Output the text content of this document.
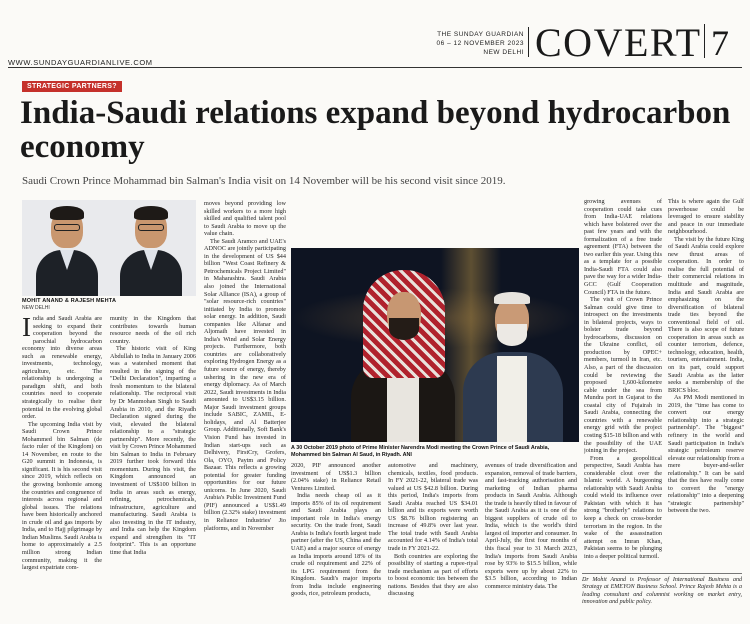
WWW.SUNDAYGUARDIANLIVE.COM
THE SUNDAY GUARDIAN
06 – 12 NOVEMBER 2023
NEW DELHI COVERT 7
STRATEGIC PARTNERS?
India-Saudi relations expand beyond hydrocarbon economy
Saudi Crown Prince Mohammad bin Salman's India visit on 14 November will be his second visit since 2019.
MOHIT ANAND & RAJESH MEHTA
NEW DELHI

India and Saudi Arabia are seeking to expand their cooperation beyond the parochial hydrocarbon economy into diverse areas such as renewable energy, investments, technology, agriculture, etc. The relationship is undergoing a paradigm shift, and both countries need to cooperate strategically to realise their potential in the evolving global order.

The upcoming India visit by Saudi Crown Prince Mohammed bin Salman (de facto ruler of the Kingdom) on 14 November, en route to the G20 summit in Indonesia, is significant. It is his second visit since 2019, which reflects on the growing bonhomie among the countries and congruence of interests across regional and global issues. The relations have been historically anchored in crude oil and gas imports by India, and to Hajj pilgrimage by Indian Muslims. Saudi Arabia is home to approximately a 2.5 million strong Indian community, making it the largest expatriate com-

munity in the Kingdom that contributes towards human resource needs of the oil rich country.

The historic visit of King Abdullah to India in January 2006 was a watershed moment that resulted in the signing of the "Delhi Declaration", imparting a fresh momentum to the bilateral relationship. The reciprocal visit by Dr Manmohan Singh to Saudi Arabia in 2010, and the Riyadh Declaration signed during the visit, elevated the bilateral relationship to a "strategic partnership". More recently, the visit by Crown Prince Mohammed bin Salman to India in February 2019 further took forward this momentum. During his visit, the Kingdom announced an investment of US$100 billion in India in areas such as energy, refining, petrochemicals, infrastructure, agriculture and manufacturing. Saudi Arabia is also investing in the IT industry, and India can help the Kingdom expand and strengthen its "IT footprint". This is an opportune time that India

moves beyond providing low skilled workers to a more high skilled and qualified talent pool to Saudi Arabia to move up the value chain.

The Saudi Aramco and UAE's ADNOC are jointly participating in the development of US $44 billion "West Coast Refinery & Petrochemicals Project Limited" in Maharashtra. Saudi Arabia also joined the International Solar Alliance (ISA), a group of "solar resource-rich countries" initiated by India to promote solar energy. In addition, Saudi companies like Alfanar and Aljomaih have invested in India's Wind and Solar Energy projects. Furthermore, both countries are collaboratively exploring Hydrogen Energy as a future source of energy, thereby ushering in the new era of energy diplomacy. As of March 2022, Saudi investments in India amounted to US$3.15 billion. Major Saudi investment groups include SABIC, ZAMIL, E-holidays, and Al Batterjee Group. Additionally, Soft Bank's Vision Fund has invested in Indian start-ups such as Delhivery, FirstCry, Grofers, Ola, OYO, Paytm and Policy Bazaar. This reflects a growing potential for greater funding opportunities for our future unicorns. In June 2020, Saudi Arabia's Public Investment Fund (PIF) announced a US$1.49 billion (2.32% stake) investment in Reliance Industries' Jio platforms, and in November

A 30 October 2019 photo of Prime Minister Narendra Modi meeting the Crown Prince of Saudi Arabia, Mohammed bin Salman Al Saud, in Riyadh. ANI

2020, PIF announced another investment of US$1.3 billion (2.04% stake) in Reliance Retail Ventures Limited.

India needs cheap oil as it imports 85% of its oil requirement and Saudi Arabia plays an important role in India's energy security. On the trade front, Saudi Arabia is India's fourth largest trade partner (after the US, China and the UAE) and a major source of energy as India imports around 18% of its crude oil requirement and 22% of its LPG requirement from the Kingdom. Saudi's major imports from India include engineering goods, rice, petroleum products,

automotive and machinery, chemicals, textiles, food products. In FY 2021-22, bilateral trade was valued at US $42.8 billion. During this period, India's imports from Saudi Arabia reached US $34.01 billion and its exports were worth US $8.76 billion registering an increase of 49.8% over last year. The total trade with Saudi Arabia accounted for 4.14% of India's total trade in FY 2021-22.

Both countries are exploring the possibility of starting a rupee-riyal trade mechanism as part of efforts to boost economic ties between the nations. Besides that they are also discussing

avenues of trade diversification and expansion, removal of trade barriers, and fast-tracking authorisation and marketing of Indian pharma products in Saudi Arabia. Although the trade is heavily tilted in favour of the Saudi Arabia as it is one of the biggest suppliers of crude oil to India, which is the world's third largest oil importer and consumer. In April-July, the first four months of this fiscal year to 31 March 2023, India's imports from Saudi Arabia rose by 93% to $15.5 billion, while exports were up by about 22% to $3.5 billion, according to Indian commerce ministry data. The

growing avenues of cooperation could take cues from India-UAE relations which have bolstered over the past few years and with the formalization of a free trade agreement (FTA) between the two earlier this year. Using this as a template for a possible India-Saudi FTA could also pave the way for a wider India-GCC (Gulf Cooperation Council) FTA in the future.

The visit of Crown Prince Salman could give time to introspect on the investments in bilateral projects, ways to bolster trade beyond hydrocarbons, discussion on the Ukraine conflict, oil production by OPEC+ members, turmoil in Iran, etc. Also, a part of the discussion could be reviewing the proposed 1,600-kilometre cable under the sea from Mundra port in Gujarat to the coastal city of Fujairah in Saudi Arabia, connecting the countries with a renewable energy grid with the project costing $15-18 billion and with the possibility of the UAE joining in the project.

From a geopolitical perspective, Saudi Arabia has considerable clout over the Islamic world. A burgeoning relationship with Saudi Arabia could wield its influence over Pakistan with which it has strong "brotherly" relations to keep a check on cross-border terrorism in the region. In the wake of the assassination attempt on Imran Khan, Pakistan seems to be plunging into a deeper political turmoil.

This is where again the Gulf powerhouse could be leveraged to ensure stability and peace in our immediate neighbourhood.

The visit by the future King of Saudi Arabia could explore new thrust areas of cooperation. In order to realise the full potential of their commercial relations in multitude and magnitude, India and Saudi Arabia are emphasizing on the diversification of bilateral trade ties beyond the conventional field of oil. There is also scope of future cooperation in areas such as counter terrorism, defence, technology, education, health, tourism, entertainment. India, on its part, could support Saudi Arabia as the latter seeks a membership of the BRICS bloc.

As PM Modi mentioned in 2019, the "time has come to convert our energy relationship into a strategic partnership". The "biggest" refinery in the world and Saudi participation in India's strategic petroleum reserve elevate our relationship from a mere buyer-and-seller relationship." It can be said that the ties have really come to convert the "energy relationship" into a deepening "strategic partnership" between the two.

Dr Mohit Anand is Professor of International Business and Strategy at EMEYON Business School. Prince Rajesh Mehta is a leading consultant and columnist working on market entry, innovation and public policy.
